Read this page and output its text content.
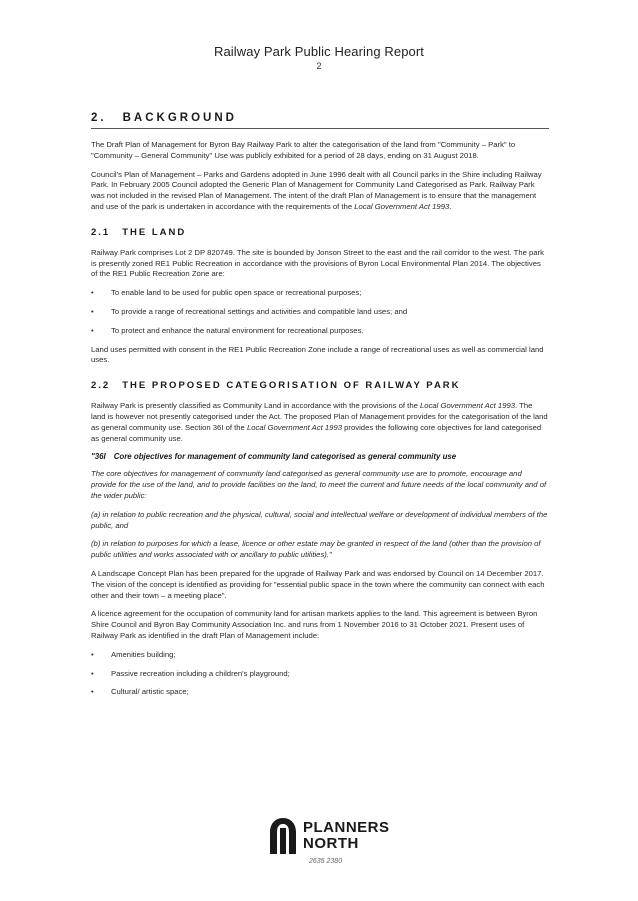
Railway Park Public Hearing Report
2
2. BACKGROUND

The Draft Plan of Management for Byron Bay Railway Park to alter the categorisation of the land from "Community – Park" to "Community – General Community" Use was publicly exhibited for a period of 28 days, ending on 31 August 2018.

Council's Plan of Management – Parks and Gardens adopted in June 1996 dealt with all Council parks in the Shire including Railway Park. In February 2005 Council adopted the Generic Plan of Management for Community Land Categorised as Park. Railway Park was not included in the revised Plan of Management. The intent of the draft Plan of Management is to ensure that the management and use of the park is undertaken in accordance with the requirements of the Local Government Act 1993.

2.1 THE LAND

Railway Park comprises Lot 2 DP 820749. The site is bounded by Jonson Street to the east and the rail corridor to the west. The park is presently zoned RE1 Public Recreation in accordance with the provisions of Byron Local Environmental Plan 2014. The objectives of the RE1 Public Recreation Zone are:

• To enable land to be used for public open space or recreational purposes;
• To provide a range of recreational settings and activities and compatible land uses; and
• To protect and enhance the natural environment for recreational purposes.

Land uses permitted with consent in the RE1 Public Recreation Zone include a range of recreational uses as well as commercial land uses.

2.2 THE PROPOSED CATEGORISATION OF RAILWAY PARK

Railway Park is presently classified as Community Land in accordance with the provisions of the Local Government Act 1993. The land is however not presently categorised under the Act. The proposed Plan of Management provides for the categorisation of the land as general community use. Section 36I of the Local Government Act 1993 provides the following core objectives for land categorised as general community use.

"36I Core objectives for management of community land categorised as general community use

The core objectives for management of community land categorised as general community use are to promote, encourage and provide for the use of the land, and to provide facilities on the land, to meet the current and future needs of the local community and of the wider public:

(a) in relation to public recreation and the physical, cultural, social and intellectual welfare or development of individual members of the public, and

(b) in relation to purposes for which a lease, licence or other estate may be granted in respect of the land (other than the provision of public utilities and works associated with or ancillary to public utilities)."

A Landscape Concept Plan has been prepared for the upgrade of Railway Park and was endorsed by Council on 14 December 2017. The vision of the concept is identified as providing for "essential public space in the town where the community can connect with each other and their town – a meeting place".

A licence agreement for the occupation of community land for artisan markets applies to the land. This agreement is between Byron Shire Council and Byron Bay Community Association Inc. and runs from 1 November 2016 to 31 October 2021. Present uses of Railway Park as identified in the draft Plan of Management include:

• Amenities building;
• Passive recreation including a children's playground;
• Cultural/ artistic space;
PLANNERS
NORTH
2635 2380
